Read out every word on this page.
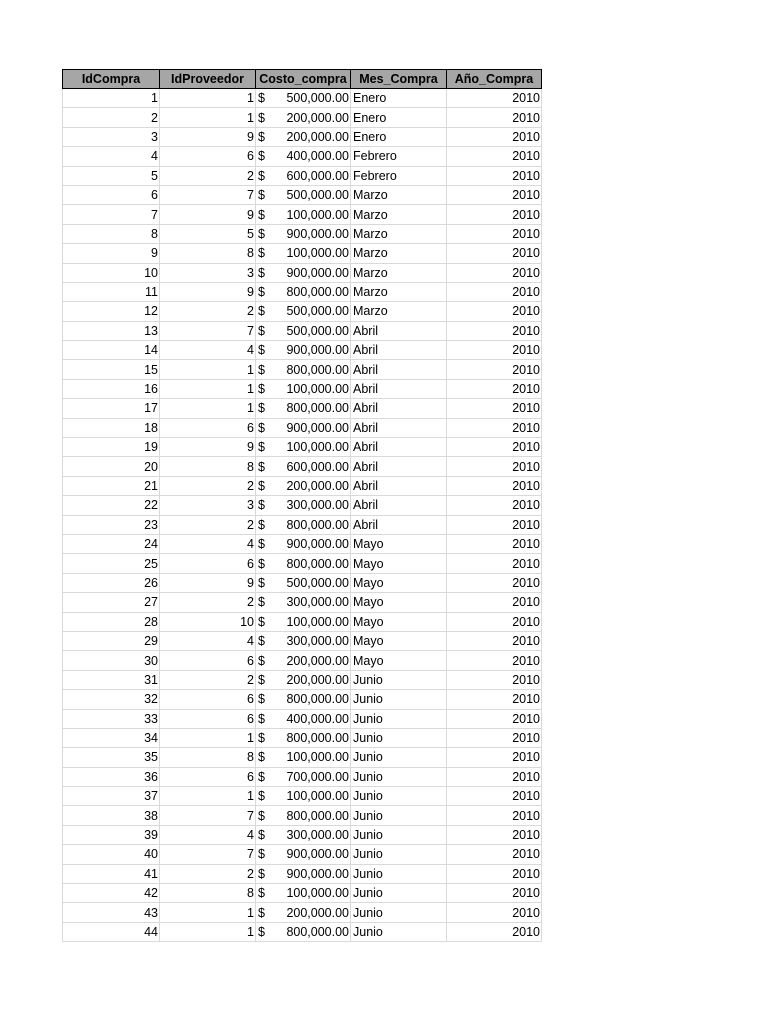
IdCompra	IdProveedor	Costo_compra	Mes_Compra	Año_Compra
1	1	$ 500,000.00	Enero	2010
2	1	$ 200,000.00	Enero	2010
3	9	$ 200,000.00	Enero	2010
4	6	$ 400,000.00	Febrero	2010
5	2	$ 600,000.00	Febrero	2010
6	7	$ 500,000.00	Marzo	2010
7	9	$ 100,000.00	Marzo	2010
8	5	$ 900,000.00	Marzo	2010
9	8	$ 100,000.00	Marzo	2010
10	3	$ 900,000.00	Marzo	2010
11	9	$ 800,000.00	Marzo	2010
12	2	$ 500,000.00	Marzo	2010
13	7	$ 500,000.00	Abril	2010
14	4	$ 900,000.00	Abril	2010
15	1	$ 800,000.00	Abril	2010
16	1	$ 100,000.00	Abril	2010
17	1	$ 800,000.00	Abril	2010
18	6	$ 900,000.00	Abril	2010
19	9	$ 100,000.00	Abril	2010
20	8	$ 600,000.00	Abril	2010
21	2	$ 200,000.00	Abril	2010
22	3	$ 300,000.00	Abril	2010
23	2	$ 800,000.00	Abril	2010
24	4	$ 900,000.00	Mayo	2010
25	6	$ 800,000.00	Mayo	2010
26	9	$ 500,000.00	Mayo	2010
27	2	$ 300,000.00	Mayo	2010
28	10	$ 100,000.00	Mayo	2010
29	4	$ 300,000.00	Mayo	2010
30	6	$ 200,000.00	Mayo	2010
31	2	$ 200,000.00	Junio	2010
32	6	$ 800,000.00	Junio	2010
33	6	$ 400,000.00	Junio	2010
34	1	$ 800,000.00	Junio	2010
35	8	$ 100,000.00	Junio	2010
36	6	$ 700,000.00	Junio	2010
37	1	$ 100,000.00	Junio	2010
38	7	$ 800,000.00	Junio	2010
39	4	$ 300,000.00	Junio	2010
40	7	$ 900,000.00	Junio	2010
41	2	$ 900,000.00	Junio	2010
42	8	$ 100,000.00	Junio	2010
43	1	$ 200,000.00	Junio	2010
44	1	$ 800,000.00	Junio	2010
